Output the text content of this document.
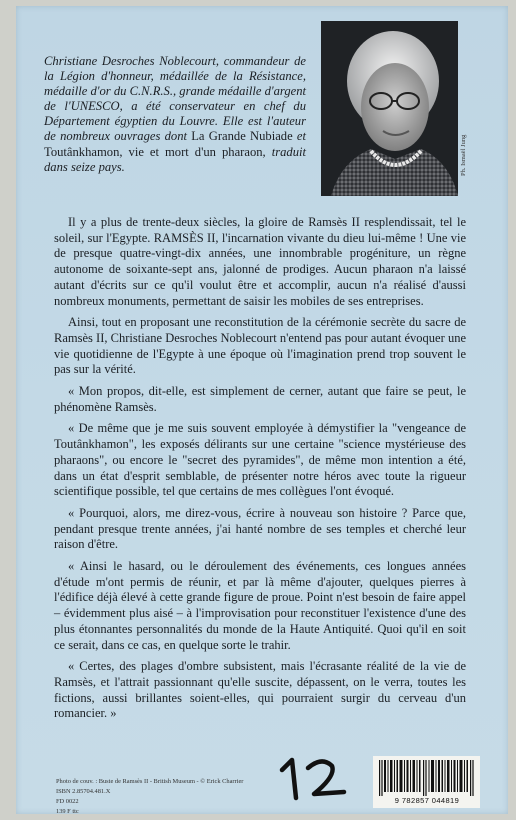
Christiane Desroches Noblecourt, commandeur de la Légion d'honneur, médaillée de la Résistance, médaille d'or du C.N.R.S., grande médaille d'argent de l'UNESCO, a été conservateur en chef du Département égyptien du Louvre. Elle est l'auteur de nombreux ouvrages dont La Grande Nubiade et Toutânkhamon, vie et mort d'un pharaon, traduit dans seize pays.	Ph. Ismaël Jung

Il y a plus de trente-deux siècles, la gloire de Ramsès II resplendissait, tel le soleil, sur l'Egypte. RAMSÈS II, l'incarnation vivante du dieu lui-même ! Une vie de presque quatre-vingt-dix années, une innombrable progéniture, un règne autonome de soixante-sept ans, jalonné de prodiges. Aucun pharaon n'a laissé autant d'écrits sur ce qu'il voulut être et accomplir, aucun n'a réalisé d'aussi nombreux monuments, permettant de saisir les mobiles de ses entreprises.

Ainsi, tout en proposant une reconstitution de la cérémonie secrète du sacre de Ramsès II, Christiane Desroches Noblecourt n'entend pas pour autant évoquer une vie quotidienne de l'Egypte à une époque où l'imagination prend trop souvent le pas sur la vérité.

« Mon propos, dit-elle, est simplement de cerner, autant que faire se peut, le phénomène Ramsès.

« De même que je me suis souvent employée à démystifier la "vengeance de Toutânkhamon", les exposés délirants sur une certaine "science mystérieuse des pharaons", ou encore le "secret des pyramides", de même mon intention a été, dans un état d'esprit semblable, de présenter notre héros avec toute la rigueur scientifique possible, tel que certains de mes collègues l'ont évoqué.

« Pourquoi, alors, me direz-vous, écrire à nouveau son histoire ? Parce que, pendant presque trente années, j'ai hanté nombre de ses temples et cherché leur raison d'être.

« Ainsi le hasard, ou le déroulement des événements, ces longues années d'étude m'ont permis de réunir, et par là même d'ajouter, quelques pierres à l'édifice déjà élevé à cette grande figure de proue. Point n'est besoin de faire appel – évidemment plus aisé – à l'improvisation pour reconstituer l'existence d'une des plus étonnantes personnalités du monde de la Haute Antiquité. Quoi qu'il en soit ce serait, dans ce cas, en quelque sorte le trahir.

« Certes, des plages d'ombre subsistent, mais l'écrasante réalité de la vie de Ramsès, et l'attrait passionnant qu'elle suscite, dépassent, on le verra, toutes les fictions, aussi brillantes soient-elles, qui pourraient surgir du cerveau d'un romancier. »

Photo de couv. : Buste de Ramsès II - British Museum - © Erick Charrier
ISBN 2.85704.481.X
FD 0022
139 F ttc
9 782857 044819
